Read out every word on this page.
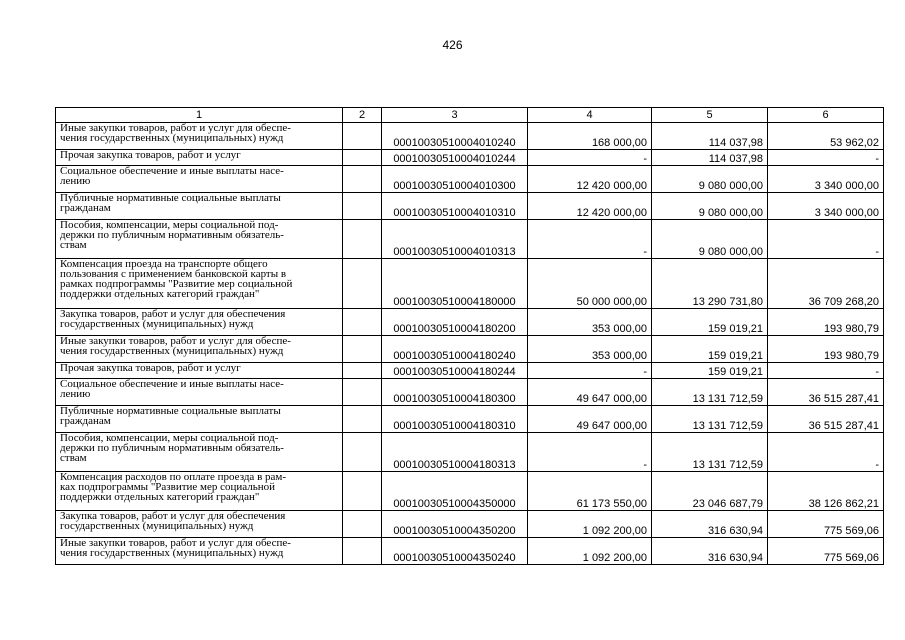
426
1	2	3	4	5	6
Иные закупки товаров, работ и услуг для обеспе-
чения государственных (муниципальных) нужд		00010030510004010240	168 000,00	114 037,98	53 962,02
Прочая закупка товаров, работ и услуг		00010030510004010244	-	114 037,98	-
Социальное обеспечение и иные выплаты насе-
лению		00010030510004010300	12 420 000,00	9 080 000,00	3 340 000,00
Публичные нормативные социальные выплаты
гражданам		00010030510004010310	12 420 000,00	9 080 000,00	3 340 000,00
Пособия, компенсации, меры социальной под-
держки по публичным нормативным обязатель-
ствам		00010030510004010313	-	9 080 000,00	-
Компенсация проезда на транспорте общего
пользования с применением банковской карты в
рамках подпрограммы "Развитие мер социальной
поддержки отдельных категорий граждан"		00010030510004180000	50 000 000,00	13 290 731,80	36 709 268,20
Закупка товаров, работ и услуг для обеспечения
государственных (муниципальных) нужд		00010030510004180200	353 000,00	159 019,21	193 980,79
Иные закупки товаров, работ и услуг для обеспе-
чения государственных (муниципальных) нужд		00010030510004180240	353 000,00	159 019,21	193 980,79
Прочая закупка товаров, работ и услуг		00010030510004180244	-	159 019,21	-
Социальное обеспечение и иные выплаты насе-
лению		00010030510004180300	49 647 000,00	13 131 712,59	36 515 287,41
Публичные нормативные социальные выплаты
гражданам		00010030510004180310	49 647 000,00	13 131 712,59	36 515 287,41
Пособия, компенсации, меры социальной под-
держки по публичным нормативным обязатель-
ствам		00010030510004180313	-	13 131 712,59	-
Компенсация расходов по оплате проезда в рам-
ках подпрограммы "Развитие мер социальной
поддержки отдельных категорий граждан"		00010030510004350000	61 173 550,00	23 046 687,79	38 126 862,21
Закупка товаров, работ и услуг для обеспечения
государственных (муниципальных) нужд		00010030510004350200	1 092 200,00	316 630,94	775 569,06
Иные закупки товаров, работ и услуг для обеспе-
чения государственных (муниципальных) нужд		00010030510004350240	1 092 200,00	316 630,94	775 569,06
